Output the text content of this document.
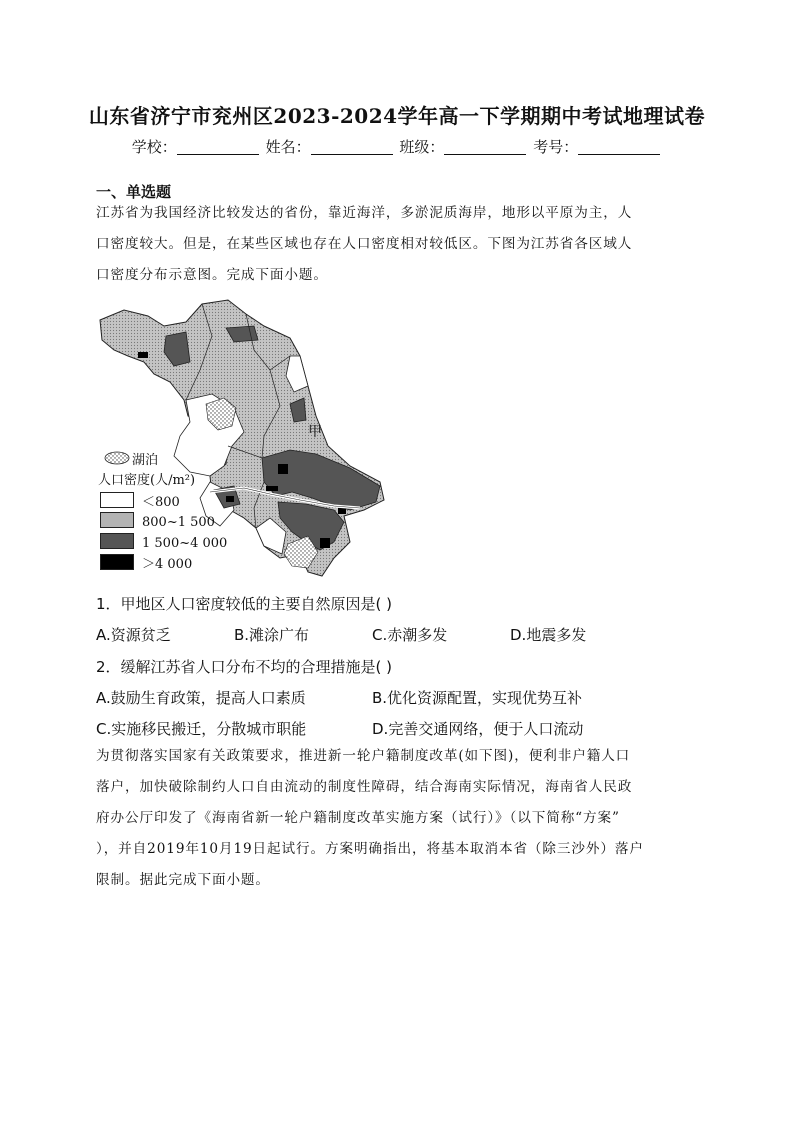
山东省济宁市兖州区2023-2024学年高一下学期期中考试地理试卷
学校：	姓名：	班级：	考号：
一、单选题
江苏省为我国经济比较发达的省份，靠近海洋，多淤泥质海岸，地形以平原为主，人
口密度较大。但是，在某些区域也存在人口密度相对较低区。下图为江苏省各区域人
口密度分布示意图。完成下面小题。
甲
湖泊
人口密度(人/m²)
＜800
800~1 500
1 500~4 000
＞4 000
1．甲地区人口密度较低的主要自然原因是( )
A.资源贫乏	B.滩涂广布	C.赤潮多发	D.地震多发
2．缓解江苏省人口分布不均的合理措施是( )
A.鼓励生育政策，提高人口素质	B.优化资源配置，实现优势互补
C.实施移民搬迁，分散城市职能	D.完善交通网络，便于人口流动
为贯彻落实国家有关政策要求，推进新一轮户籍制度改革(如下图)，便利非户籍人口
落户，加快破除制约人口自由流动的制度性障碍，结合海南实际情况，海南省人民政
府办公厅印发了《海南省新一轮户籍制度改革实施方案（试行）》（以下简称“方案”
），并自2019年10月19日起试行。方案明确指出，将基本取消本省（除三沙外）落户
限制。据此完成下面小题。
